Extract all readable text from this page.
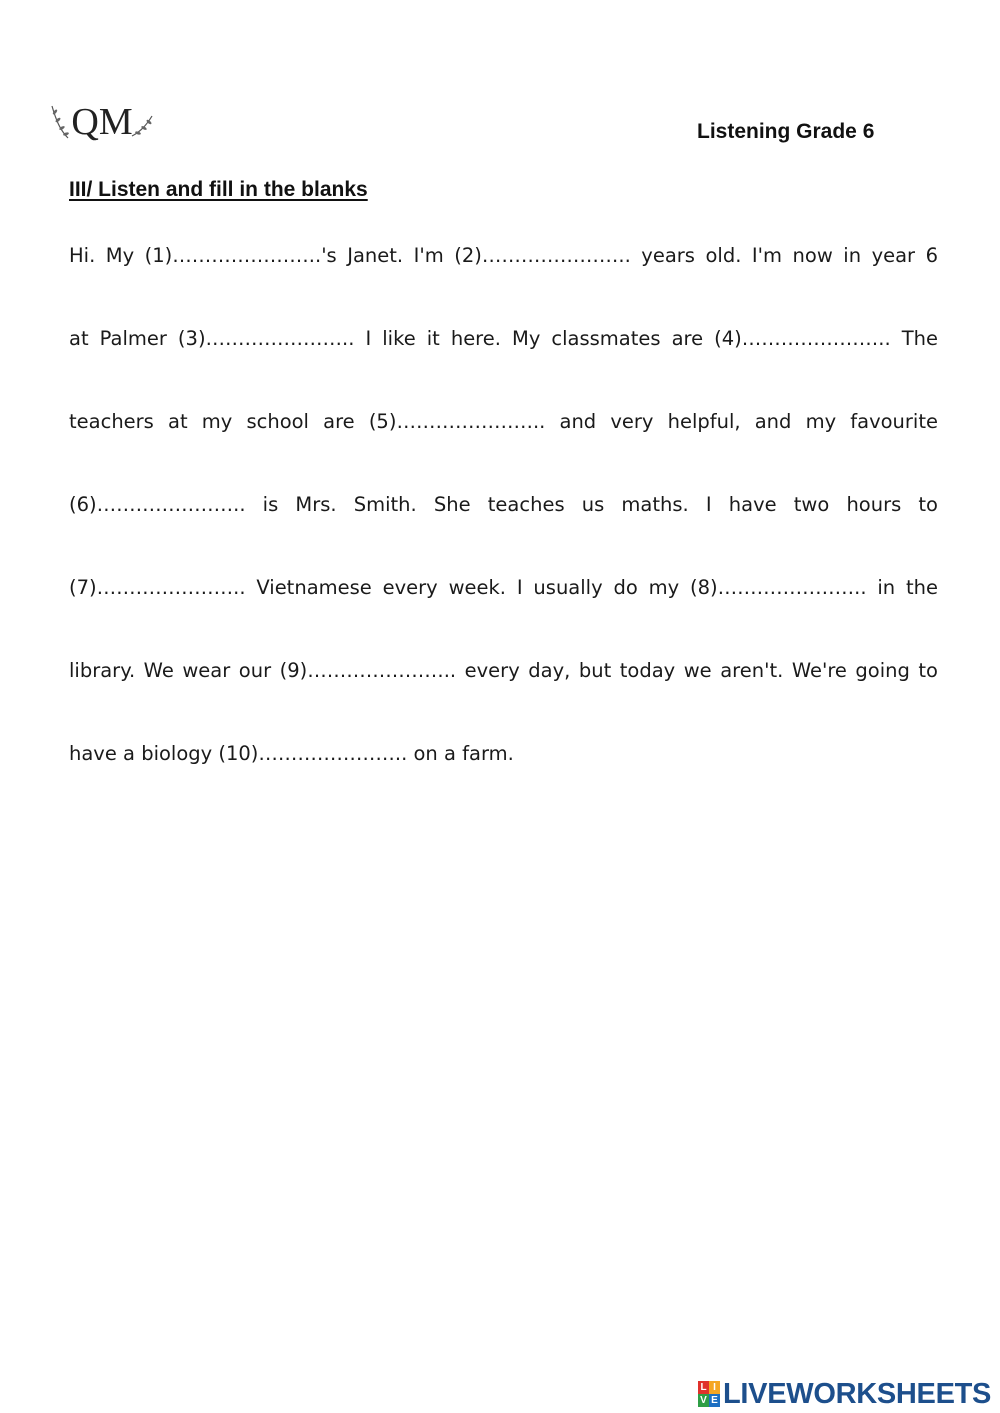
QM	Listening Grade 6
III/ Listen and fill in the blanks
Hi. My (1)…………………..'s Janet. I'm (2)………………….. years old. I'm now in year 6
at Palmer (3)………………….. I like it here. My classmates are (4)………………….. The
teachers at my school are (5)………………….. and very helpful, and my favourite
(6)………………….. is Mrs. Smith. She teaches us maths. I have two hours to
(7)………………….. Vietnamese every week. I usually do my (8)………………….. in the
library. We wear our (9)………………….. every day, but today we aren't. We're going to
have a biology (10)………………….. on a farm.
L I
V E LIVEWORKSHEETS
